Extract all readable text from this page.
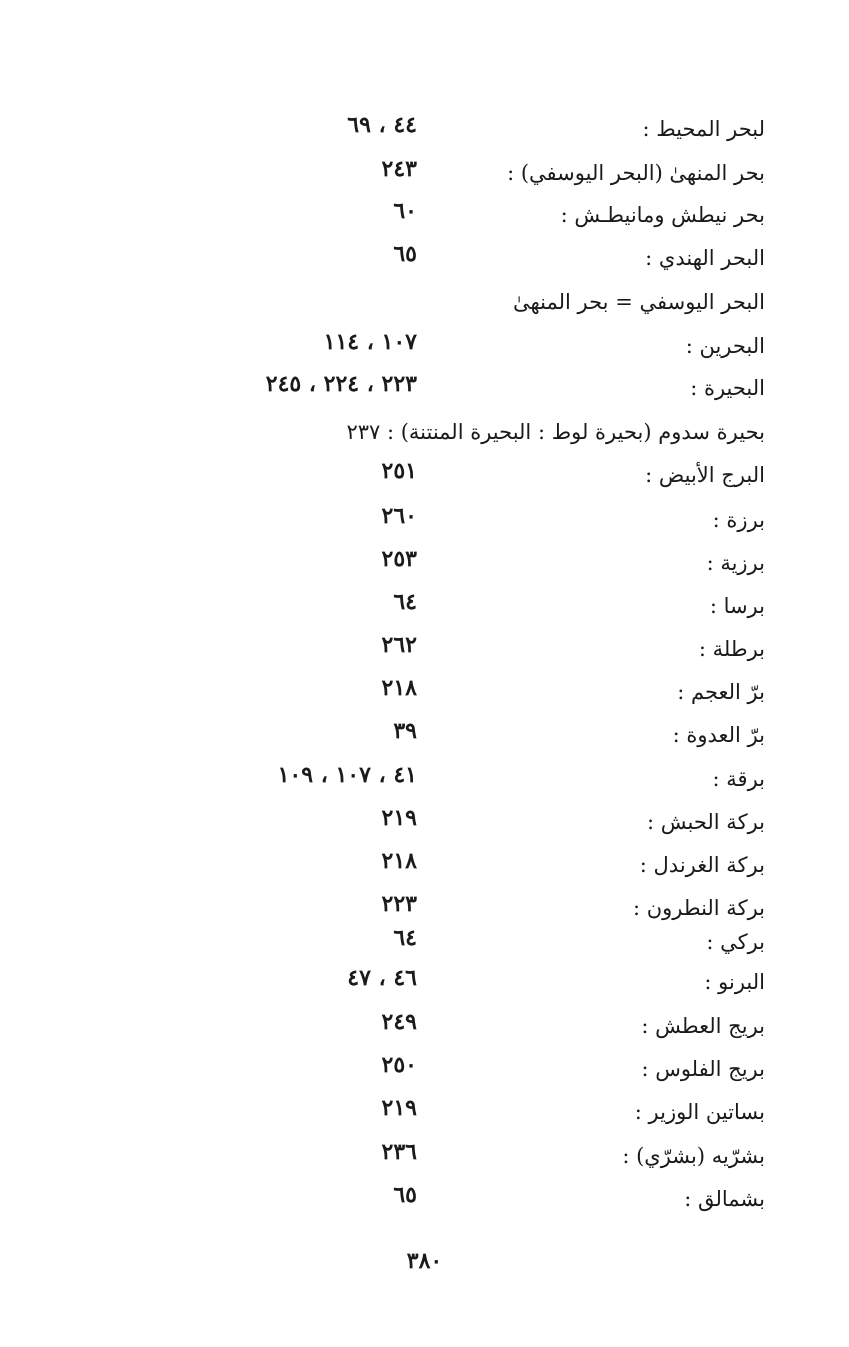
لبحر المحيط :
٤٤ ، ٦٩
بحر المنهىٰ (البحر اليوسفي) :
٢٤٣
بحر نيطش ومانيطـش :
٦٠
البحر الهندي :
٦٥
البحر اليوسفي = بحر المنهىٰ
البحرين :
١٠٧ ، ١١٤
البحيرة :
٢٢٣ ، ٢٢٤ ، ٢٤٥
بحيرة سدوم (بحيرة لوط : البحيرة المنتنة) : ٢٣٧
البرج الأبيض :
٢٥١
برزة :
٢٦٠
برزية :
٢٥٣
برسا :
٦٤
برطلة :
٢٦٢
برّ العجم :
٢١٨
برّ العدوة :
٣٩
برقة :
٤١ ، ١٠٧ ، ١٠٩
بركة الحبش :
٢١٩
بركة الغرندل :
٢١٨
بركة النطرون :
٢٢٣
بركي :
٦٤
البرنو :
٤٦ ، ٤٧
بريج العطش :
٢٤٩
بريج الفلوس :
٢٥٠
بساتين الوزير :
٢١٩
بشرّيه (بشرّي) :
٢٣٦
بشمالق :
٦٥
٣٨٠
